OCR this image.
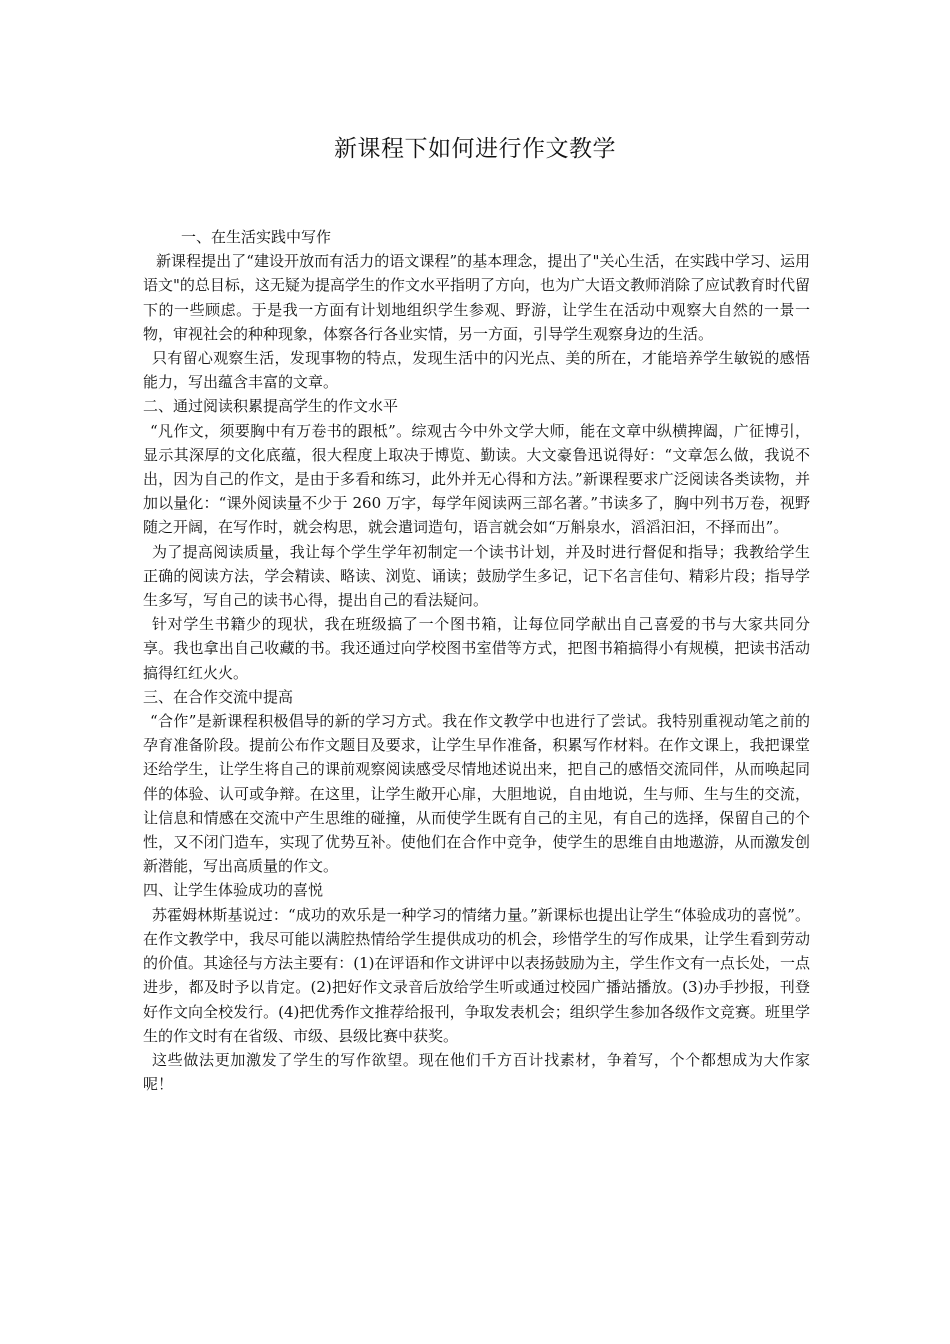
新课程下如何进行作文教学

一、在生活实践中写作

新课程提出了“建设开放而有活力的语文课程”的基本理念，提出了"关心生活，在实践中学习、运用语文"的总目标，这无疑为提高学生的作文水平指明了方向，也为广大语文教师消除了应试教育时代留下的一些顾虑。于是我一方面有计划地组织学生参观、野游，让学生在活动中观察大自然的一景一物，审视社会的种种现象，体察各行各业实情，另一方面，引导学生观察身边的生活。

只有留心观察生活，发现事物的特点，发现生活中的闪光点、美的所在，才能培养学生敏锐的感悟能力，写出蕴含丰富的文章。

二、通过阅读积累提高学生的作文水平

“凡作文，须要胸中有万卷书的跟柢”。综观古今中外文学大师，能在文章中纵横捭阖，广征博引，显示其深厚的文化底蕴，很大程度上取决于博览、勤读。大文豪鲁迅说得好：“文章怎么做，我说不出，因为自己的作文，是由于多看和练习，此外并无心得和方法。”新课程要求广泛阅读各类读物，并加以量化：“课外阅读量不少于 260 万字，每学年阅读两三部名著。”书读多了，胸中列书万卷，视野随之开阔，在写作时，就会构思，就会遣词造句，语言就会如“万斛泉水，滔滔汩汩，不择而出”。

为了提高阅读质量，我让每个学生学年初制定一个读书计划，并及时进行督促和指导；我教给学生正确的阅读方法，学会精读、略读、浏览、诵读；鼓励学生多记，记下名言佳句、精彩片段；指导学生多写，写自己的读书心得，提出自己的看法疑问。

针对学生书籍少的现状，我在班级搞了一个图书箱，让每位同学献出自己喜爱的书与大家共同分享。我也拿出自己收藏的书。我还通过向学校图书室借等方式，把图书箱搞得小有规模，把读书活动搞得红红火火。

三、在合作交流中提高

“合作”是新课程积极倡导的新的学习方式。我在作文教学中也进行了尝试。我特别重视动笔之前的孕育准备阶段。提前公布作文题目及要求，让学生早作准备，积累写作材料。在作文课上，我把课堂还给学生，让学生将自己的课前观察阅读感受尽情地述说出来，把自己的感悟交流同伴，从而唤起同伴的体验、认可或争辩。在这里，让学生敞开心扉，大胆地说，自由地说，生与师、生与生的交流，让信息和情感在交流中产生思维的碰撞，从而使学生既有自己的主见，有自己的选择，保留自己的个性，又不闭门造车，实现了优势互补。使他们在合作中竞争，使学生的思维自由地遨游，从而激发创新潜能，写出高质量的作文。

四、让学生体验成功的喜悦

苏霍姆林斯基说过：“成功的欢乐是一种学习的情绪力量。”新课标也提出让学生“体验成功的喜悦”。在作文教学中，我尽可能以满腔热情给学生提供成功的机会，珍惜学生的写作成果，让学生看到劳动的价值。其途径与方法主要有：(1)在评语和作文讲评中以表扬鼓励为主，学生作文有一点长处，一点进步，都及时予以肯定。(2)把好作文录音后放给学生听或通过校园广播站播放。(3)办手抄报，刊登好作文向全校发行。(4)把优秀作文推荐给报刊，争取发表机会；组织学生参加各级作文竞赛。班里学生的作文时有在省级、市级、县级比赛中获奖。

这些做法更加激发了学生的写作欲望。现在他们千方百计找素材，争着写，个个都想成为大作家呢！
